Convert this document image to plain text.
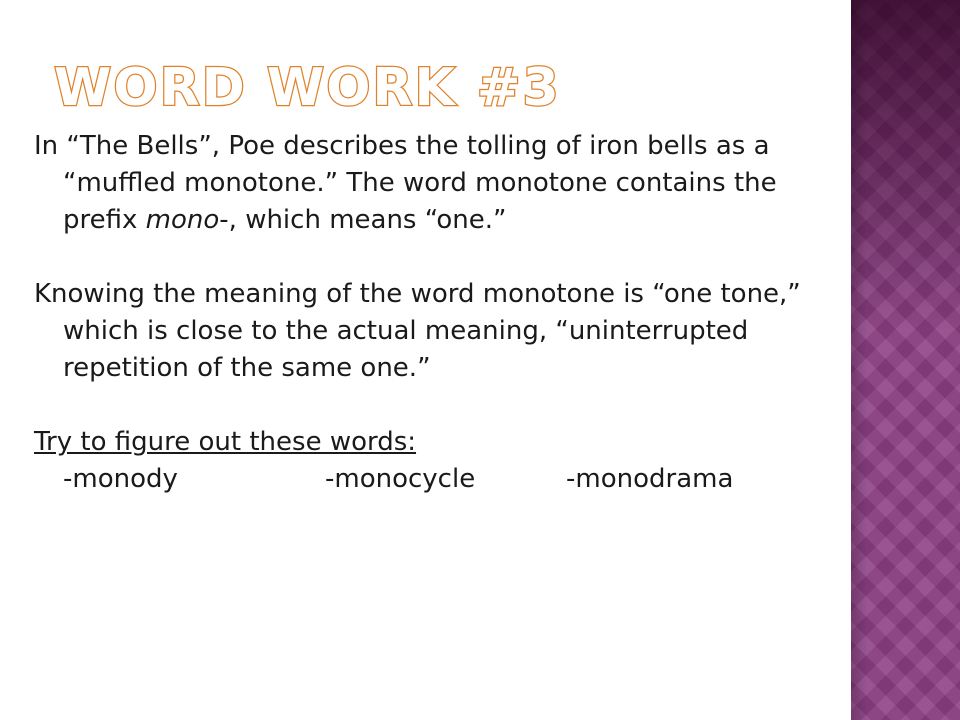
WORD WORK #3

In “The Bells”, Poe describes the tolling of iron bells as a “muffled monotone.” The word monotone contains the prefix mono-, which means “one.”

Knowing the meaning of the word monotone is “one tone,” which is close to the actual meaning, “uninterrupted repetition of the same one.”

Try to figure out these words:

-monody	-monocycle	-monodrama
